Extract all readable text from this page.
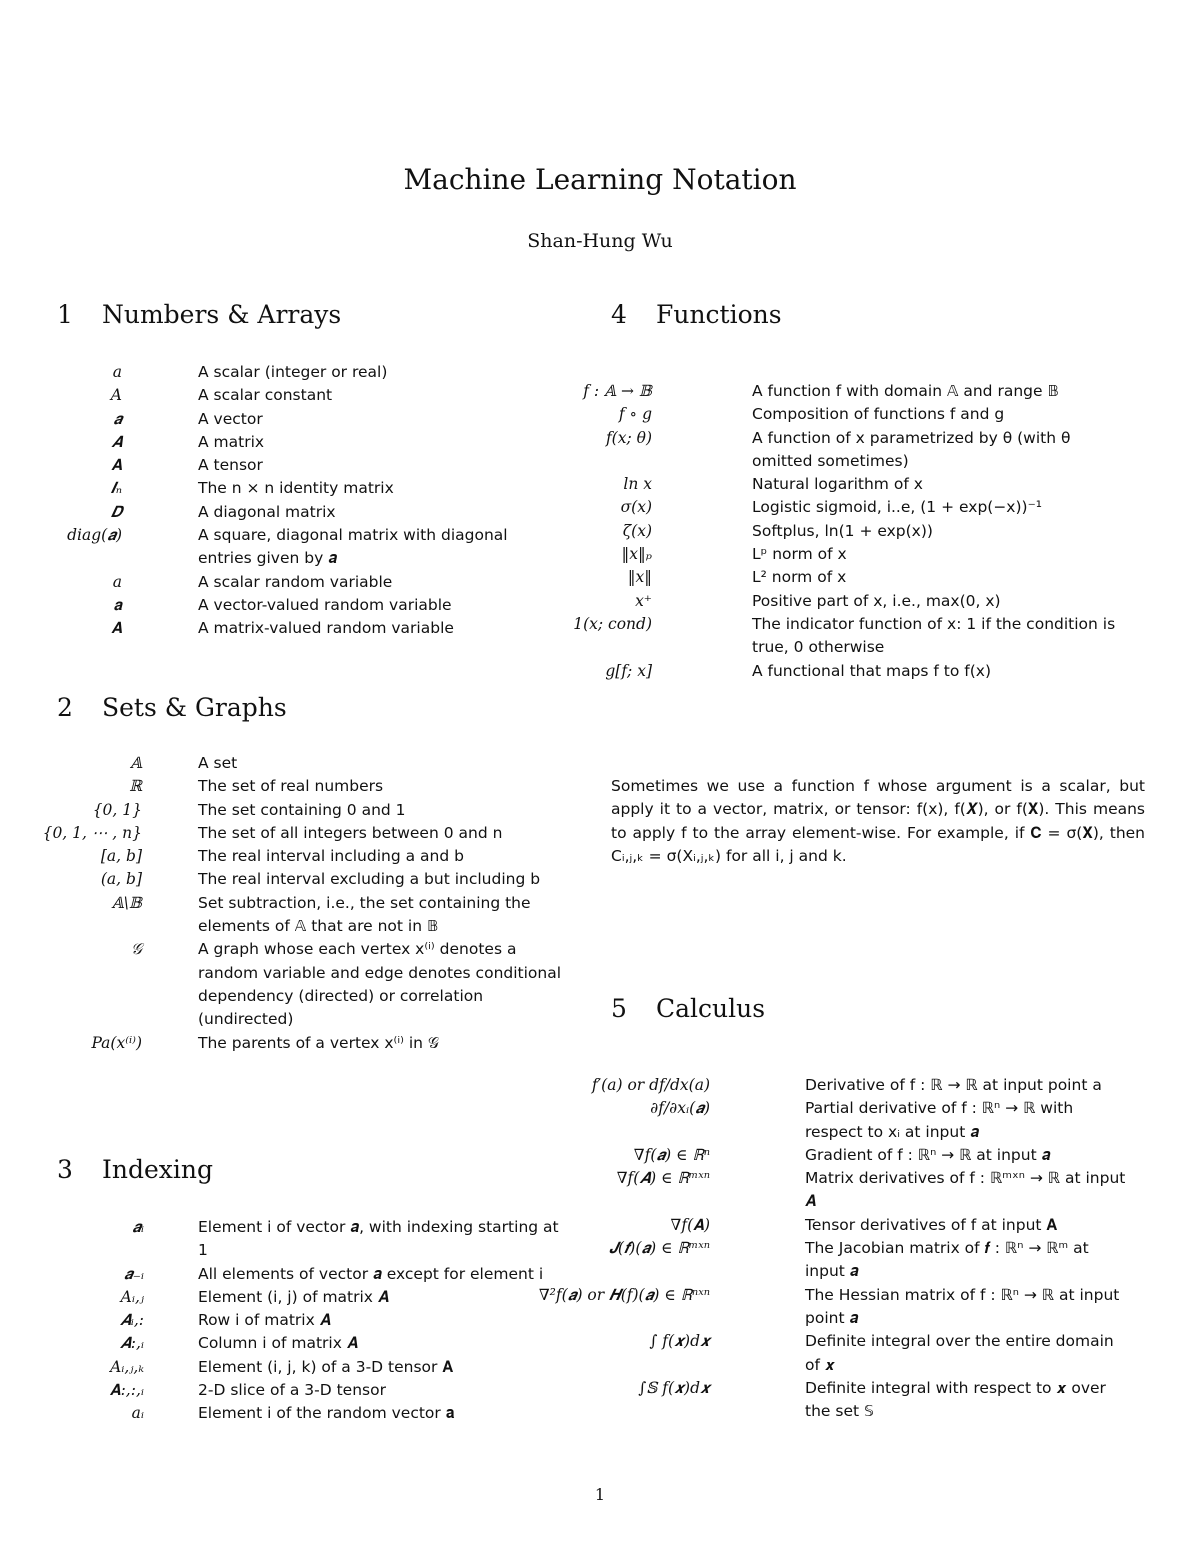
Machine Learning Notation
Shan-Hung Wu
1 Numbers & Arrays
a	A scalar (integer or real)
A	A scalar constant
𝒂	A vector
𝑨	A matrix
𝐀	A tensor
𝑰ₙ	The n × n identity matrix
𝑫	A diagonal matrix
diag(𝒂)	A square, diagonal matrix with diagonal entries given by 𝒂
a	A scalar random variable
𝐚	A vector-valued random variable
𝐀	A matrix-valued random variable
2 Sets & Graphs
𝔸	A set
ℝ	The set of real numbers
{0, 1}	The set containing 0 and 1
{0, 1, ⋯ , n}	The set of all integers between 0 and n
[a, b]	The real interval including a and b
(a, b]	The real interval excluding a but including b
𝔸\𝔹	Set subtraction, i.e., the set containing the elements of 𝔸 that are not in 𝔹
𝒢	A graph whose each vertex x⁽ⁱ⁾ denotes a random variable and edge denotes conditional dependency (directed) or correlation (undirected)
Pa(x⁽ⁱ⁾)	The parents of a vertex x⁽ⁱ⁾ in 𝒢
3 Indexing
𝒂ᵢ	Element i of vector 𝒂, with indexing starting at 1
𝒂₋ᵢ	All elements of vector 𝒂 except for element i
Aᵢ,ⱼ	Element (i, j) of matrix 𝑨
𝑨ᵢ,:	Row i of matrix 𝑨
𝑨:,ᵢ	Column i of matrix 𝑨
Aᵢ,ⱼ,ₖ	Element (i, j, k) of a 3-D tensor 𝐀
𝐀:,:,ᵢ	2-D slice of a 3-D tensor
aᵢ	Element i of the random vector 𝐚
4 Functions
f : 𝔸 → 𝔹	A function f with domain 𝔸 and range 𝔹
f ∘ g	Composition of functions f and g
f(x; θ)	A function of x parametrized by θ (with θ omitted sometimes)
ln x	Natural logarithm of x
σ(x)	Logistic sigmoid, i..e, (1 + exp(−x))⁻¹
ζ(x)	Softplus, ln(1 + exp(x))
‖x‖ₚ	Lᵖ norm of x
‖x‖	L² norm of x
x⁺	Positive part of x, i.e., max(0, x)
1(x; cond)	The indicator function of x: 1 if the condition is true, 0 otherwise
g[f; x]	A functional that maps f to f(x)
Sometimes we use a function f whose argument is a scalar, but apply it to a vector, matrix, or tensor: f(x), f(𝑿), or f(𝐗). This means to apply f to the array element-wise. For example, if 𝐂 = σ(𝐗), then Cᵢ,ⱼ,ₖ = σ(Xᵢ,ⱼ,ₖ) for all i, j and k.
5 Calculus
f′(a) or df/dx(a)	Derivative of f : ℝ → ℝ at input point a
∂f/∂xᵢ(𝒂)	Partial derivative of f : ℝⁿ → ℝ with respect to xᵢ at input 𝒂
∇f(𝒂) ∈ ℝⁿ	Gradient of f : ℝⁿ → ℝ at input 𝒂
∇f(𝑨) ∈ ℝᵐˣⁿ	Matrix derivatives of f : ℝᵐˣⁿ → ℝ at input 𝑨
∇f(𝐀)	Tensor derivatives of f at input 𝐀
𝑱(𝒇)(𝒂) ∈ ℝᵐˣⁿ	The Jacobian matrix of 𝒇 : ℝⁿ → ℝᵐ at input 𝒂
∇²f(𝒂) or 𝑯(f)(𝒂) ∈ ℝⁿˣⁿ	The Hessian matrix of f : ℝⁿ → ℝ at input point 𝒂
∫ f(𝒙)d𝒙	Definite integral over the entire domain of 𝒙
∫𝕊 f(𝒙)d𝒙	Definite integral with respect to 𝒙 over the set 𝕊
1
